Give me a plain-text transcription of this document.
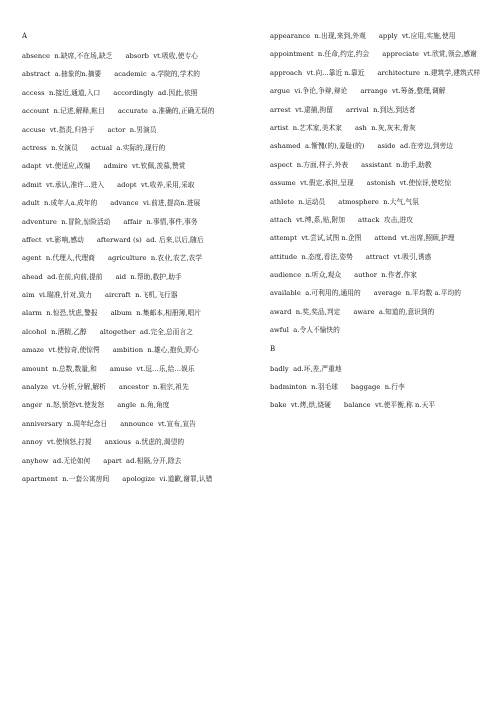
A
absence n.缺席,不在场,缺乏 absorb vt.吸收,使专心
abstract a.抽象的n.摘要 academic a.学院的,学术的
access n.接近,通道,入口 accordingly ad.因此,依照
account n.记述,解释,帐目 accurate a.准确的,正确无误的
accuse vt.指责,归咎于 actor n.男演员
actress n.女演员 actual a.实际的,现行的
adapt vt.使适应,改编 admire vt.钦佩,羡慕,赞赏
admit vt.承认,准许…进入 adopt vt.收养,采用,采取
adult n.成年人a.成年的 advance vi.前进,提高n.进展
adventure n.冒险,惊险活动 affair n.事情,事件,事务
affect vt.影响,感动 afterward (s) ad. 后来,以后,随后
agent n.代理人,代理商 agriculture n.农业,农艺,农学
ahead ad.在前,向前,提前 aid n.帮助,救护,助手
aim vi.瞄准,针对,致力 aircraft n.飞机,飞行器
alarm n.惊恐,忧虑,警报 album n.集邮本,相册簿,唱片
alcohol n.酒精,乙醇 altogether ad.完全,总而言之
amaze vt.使惊奇,使惊愕 ambition n.雄心,抱负,野心
amount n.总数,数量,和 amuse vt.逗…乐,给…娱乐
analyze vt.分析,分解,解析 ancestor n.祖宗,祖先
anger n.怒,愤怒vt.使发怒 angle n.角,角度
anniversary n.周年纪念日 announce vt.宣布,宣告
annoy vt.使恼怒,打搅 anxious a.忧虑的,渴望的
anyhow ad.无论如何 apart ad.相隔,分开,除去
apartment n.一套公寓房间 apologize vi.道歉,谢罪,认错
appearance n.出现,来到,外观 apply vt.应用,实施,使用
appointment n.任命,约定,约会 appreciate vt.欣赏,领会,感谢
approach vt.向…靠近 n.靠近 architecture n.建筑学,建筑式样
argue vi.争论,争辩,辩论 arrange vt.筹备,整理,调解
arrest vt.逮捕,拘留 arrival n.到达,到达者
artist n.艺术家,美术家 ash n.灰,灰末,骨灰
ashamed a.惭愧(的),羞耻(的) aside ad.在旁边,到旁边
aspect n.方面,样子,外表 assistant n.助手,助教
assume vt.假定,承担,呈现 astonish vt.使惊讶,使吃惊
athlete n.运动员 atmosphere n.大气,气氛
attach vt.缚,系,贴,附加 attack 攻击,进攻
attempt vt.尝试,试图 n.企图 attend vt.出席,照顾,护理
attitude n.态度,看法,姿势 attract vt.吸引,诱惑
audience n.听众,观众 author n.作者,作家
available a.可利用的,通用的 average n.平均数 a.平均的
award n.奖,奖品,判定 aware a.知道的,意识到的
awful a.令人不愉快的
B
badly ad.坏,差,严重地
badminton n.羽毛球 baggage n.行李
bake vt.烤,烘,烧硬 balance vt.使平衡,称 n.天平
